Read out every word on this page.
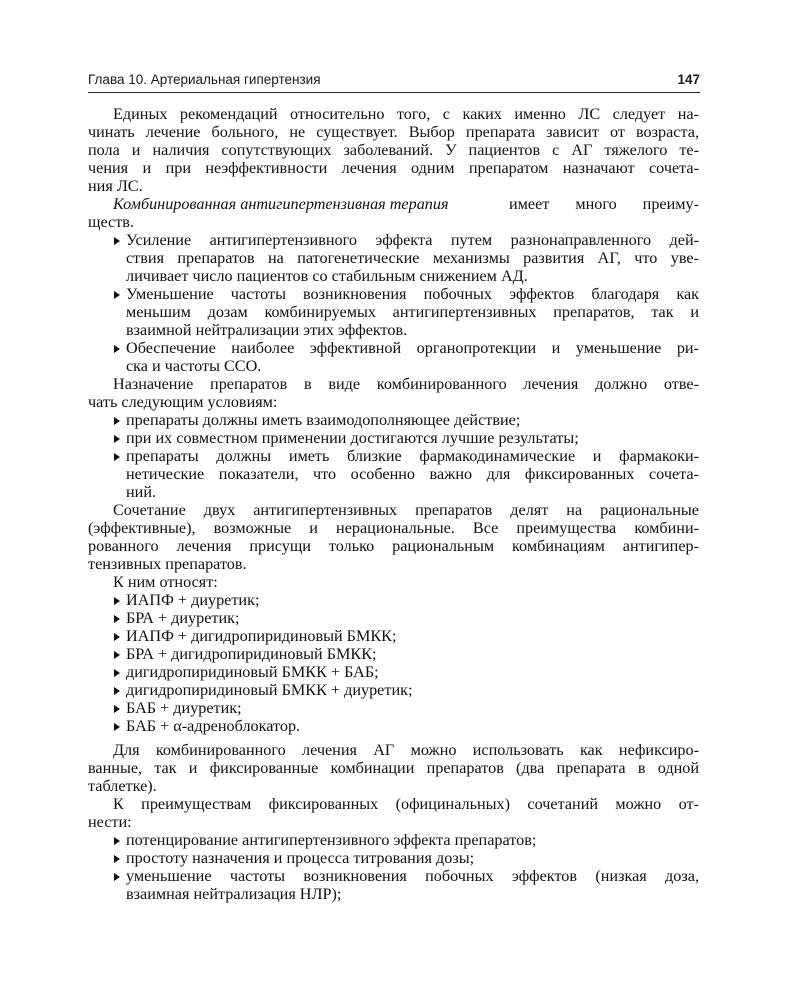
Глава 10. Артериальная гипертензия	147
Единых рекомендаций относительно того, с каких именно ЛС следует на-
чинать лечение больного, не существует. Выбор препарата зависит от возраста,
пола и наличия сопутствующих заболеваний. У пациентов с АГ тяжелого те-
чения и при неэффективности лечения одним препаратом назначают сочета-
ния ЛС.
Комбинированная антигипертензивная терапия	имеет много преиму-
ществ.
Усиление антигипертензивного эффекта путем разнонаправленного дей-
ствия препаратов на патогенетические механизмы развития АГ, что уве-
личивает число пациентов со стабильным снижением АД.
Уменьшение частоты возникновения побочных эффектов благодаря как
меньшим дозам комбинируемых антигипертензивных препаратов, так и
взаимной нейтрализации этих эффектов.
Обеспечение наиболее эффективной органопротекции и уменьшение ри-
ска и частоты ССО.
Назначение препаратов в виде комбинированного лечения должно отве-
чать следующим условиям:
препараты должны иметь взаимодополняющее действие;
при их совместном применении достигаются лучшие результаты;
препараты должны иметь близкие фармакодинамические и фармакоки-
нетические показатели, что особенно важно для фиксированных сочета-
ний.
Сочетание двух антигипертензивных препаратов делят на рациональные
(эффективные), возможные и нерациональные. Все преимущества комбини-
рованного лечения присущи только рациональным комбинациям антигипер-
тензивных препаратов.
К ним относят:
ИАПФ + диуретик;
БРА + диуретик;
ИАПФ + дигидропиридиновый БМКК;
БРА + дигидропиридиновый БМКК;
дигидропиридиновый БМКК + БАБ;
дигидропиридиновый БМКК + диуретик;
БАБ + диуретик;
БАБ + α-адреноблокатор.
Для комбинированного лечения АГ можно использовать как нефиксиро-
ванные, так и фиксированные комбинации препаратов (два препарата в одной
таблетке).
К преимуществам фиксированных (официнальных) сочетаний можно от-
нести:
потенцирование антигипертензивного эффекта препаратов;
простоту назначения и процесса титрования дозы;
уменьшение частоты возникновения побочных эффектов (низкая доза,
взаимная нейтрализация НЛР);
